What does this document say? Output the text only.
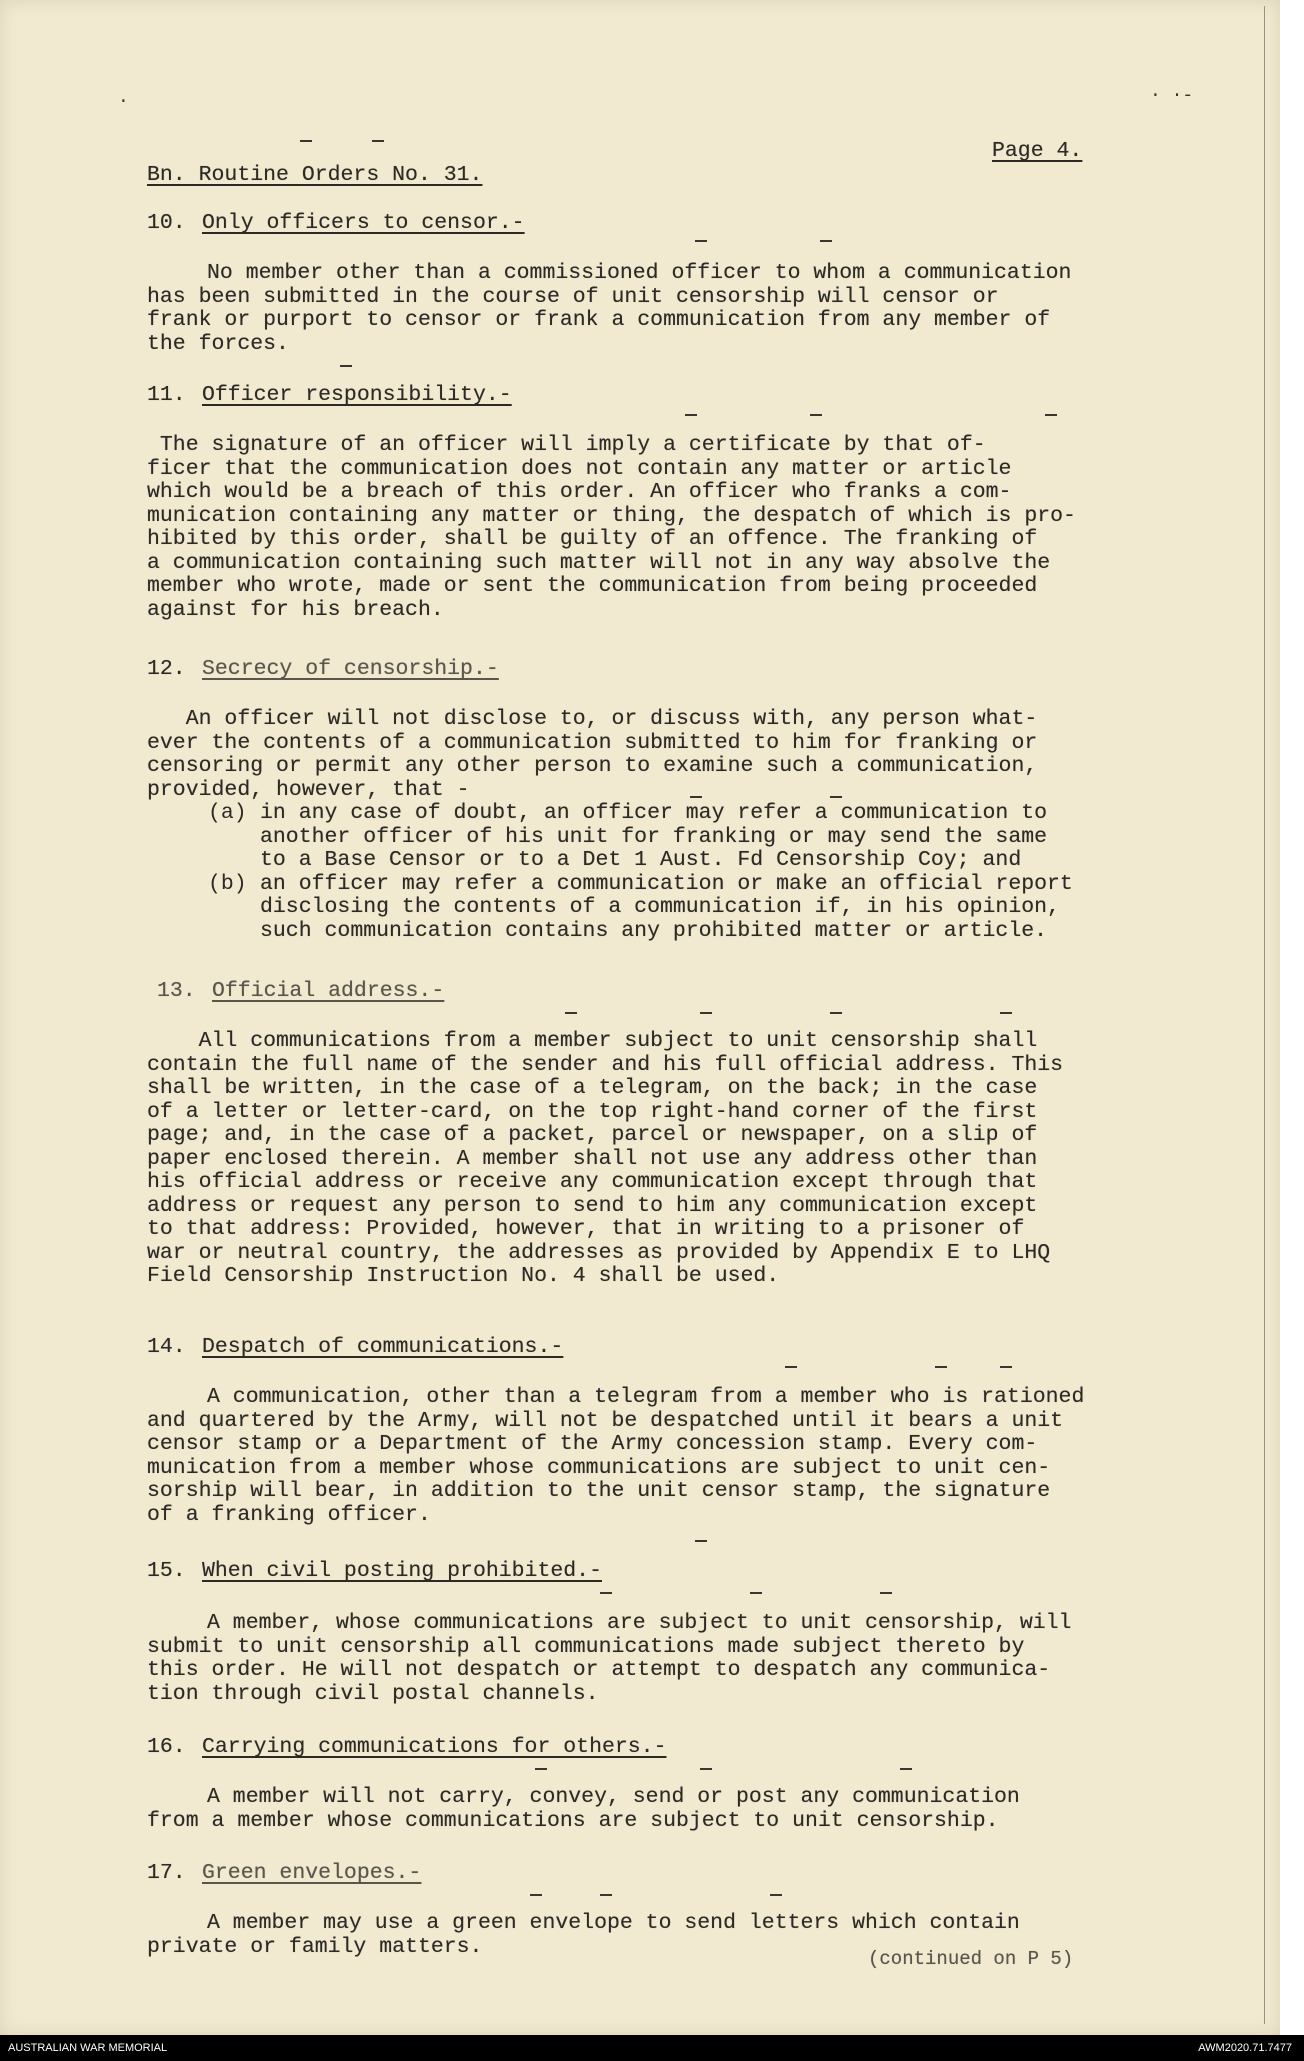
· ·-
·
Page 4.
Bn. Routine Orders No. 31.
10. Only officers to censor.-
No member other than a commissioned officer to whom a communication
has been submitted in the course of unit censorship will censor or
frank or purport to censor or frank a communication from any member of
the forces.
11. Officer responsibility.-
The signature of an officer will imply a certificate by that of-
ficer that the communication does not contain any matter or article
which would be a breach of this order. An officer who franks a com-
munication containing any matter or thing, the despatch of which is pro-
hibited by this order, shall be guilty of an offence. The franking of
a communication containing such matter will not in any way absolve the
member who wrote, made or sent the communication from being proceeded
against for his breach.
12. Secrecy of censorship.-
An officer will not disclose to, or discuss with, any person what-
ever the contents of a communication submitted to him for franking or
censoring or permit any other person to examine such a communication,
provided, however, that -
(a) in any case of doubt, an officer may refer a communication to
another officer of his unit for franking or may send the same
to a Base Censor or to a Det 1 Aust. Fd Censorship Coy; and
(b) an officer may refer a communication or make an official report
disclosing the contents of a communication if, in his opinion,
such communication contains any prohibited matter or article.
13. Official address.-
All communications from a member subject to unit censorship shall
contain the full name of the sender and his full official address. This
shall be written, in the case of a telegram, on the back; in the case
of a letter or letter-card, on the top right-hand corner of the first
page; and, in the case of a packet, parcel or newspaper, on a slip of
paper enclosed therein. A member shall not use any address other than
his official address or receive any communication except through that
address or request any person to send to him any communication except
to that address: Provided, however, that in writing to a prisoner of
war or neutral country, the addresses as provided by Appendix E to LHQ
Field Censorship Instruction No. 4 shall be used.
14. Despatch of communications.-
A communication, other than a telegram from a member who is rationed
and quartered by the Army, will not be despatched until it bears a unit
censor stamp or a Department of the Army concession stamp. Every com-
munication from a member whose communications are subject to unit cen-
sorship will bear, in addition to the unit censor stamp, the signature
of a franking officer.
15. When civil posting prohibited.-
A member, whose communications are subject to unit censorship, will
submit to unit censorship all communications made subject thereto by
this order. He will not despatch or attempt to despatch any communica-
tion through civil postal channels.
16. Carrying communications for others.-
A member will not carry, convey, send or post any communication
from a member whose communications are subject to unit censorship.
17. Green envelopes.-
A member may use a green envelope to send letters which contain
private or family matters.
(continued on P 5)
AUSTRALIAN WAR MEMORIAL	AWM2020.71.7477
